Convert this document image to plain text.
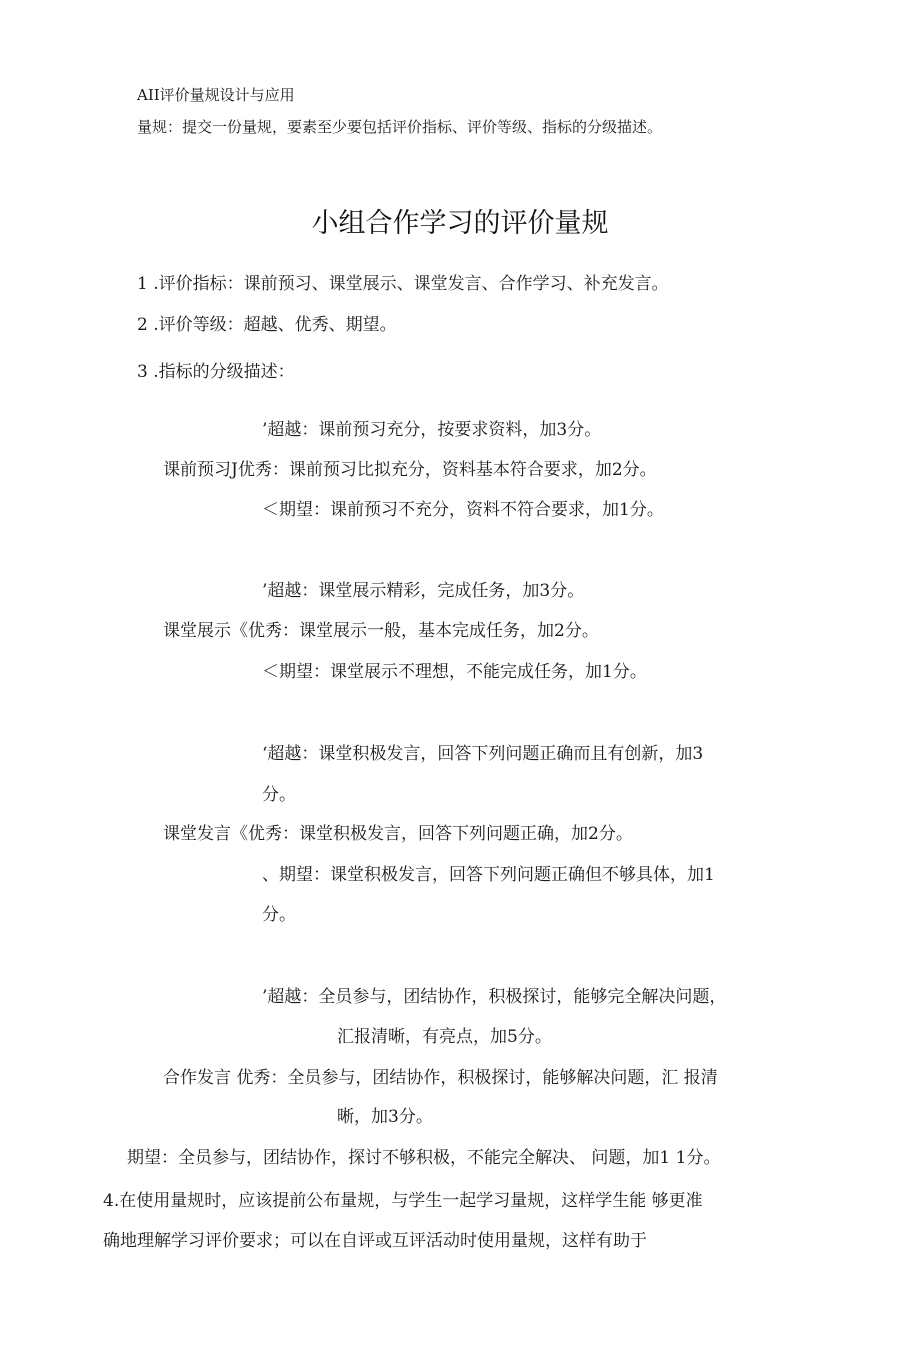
AII评价量规设计与应用
量规：提交一份量规，要素至少要包括评价指标、评价等级、指标的分级描述。
小组合作学习的评价量规
1 .评价指标：课前预习、课堂展示、课堂发言、合作学习、补充发言。
2 .评价等级：超越、优秀、期望。
3 .指标的分级描述：
’超越：课前预习充分，按要求资料，加3分。
课前预习J优秀：课前预习比拟充分，资料基本符合要求，加2分。
＜期望：课前预习不充分，资料不符合要求，加1分。
’超越：课堂展示精彩，完成任务，加3分。
课堂展示《优秀：课堂展示一般，基本完成任务，加2分。
＜期望：课堂展示不理想，不能完成任务，加1分。
‘超越：课堂积极发言，回答下列问题正确而且有创新，加3
分。
课堂发言《优秀：课堂积极发言，回答下列问题正确，加2分。
、期望：课堂积极发言，回答下列问题正确但不够具体，加1
分。
’超越：全员参与，团结协作，积极探讨，能够完全解决问题，
汇报清晰，有亮点，加5分。
合作发言 优秀：全员参与，团结协作，积极探讨，能够解决问题，汇 报清
晰，加3分。
期望：全员参与，团结协作，探讨不够积极，不能完全解决、 问题，加1 1分。
4.在使用量规时，应该提前公布量规，与学生一起学习量规，这样学生能 够更准
确地理解学习评价要求；可以在自评或互评活动时使用量规，这样有助于
